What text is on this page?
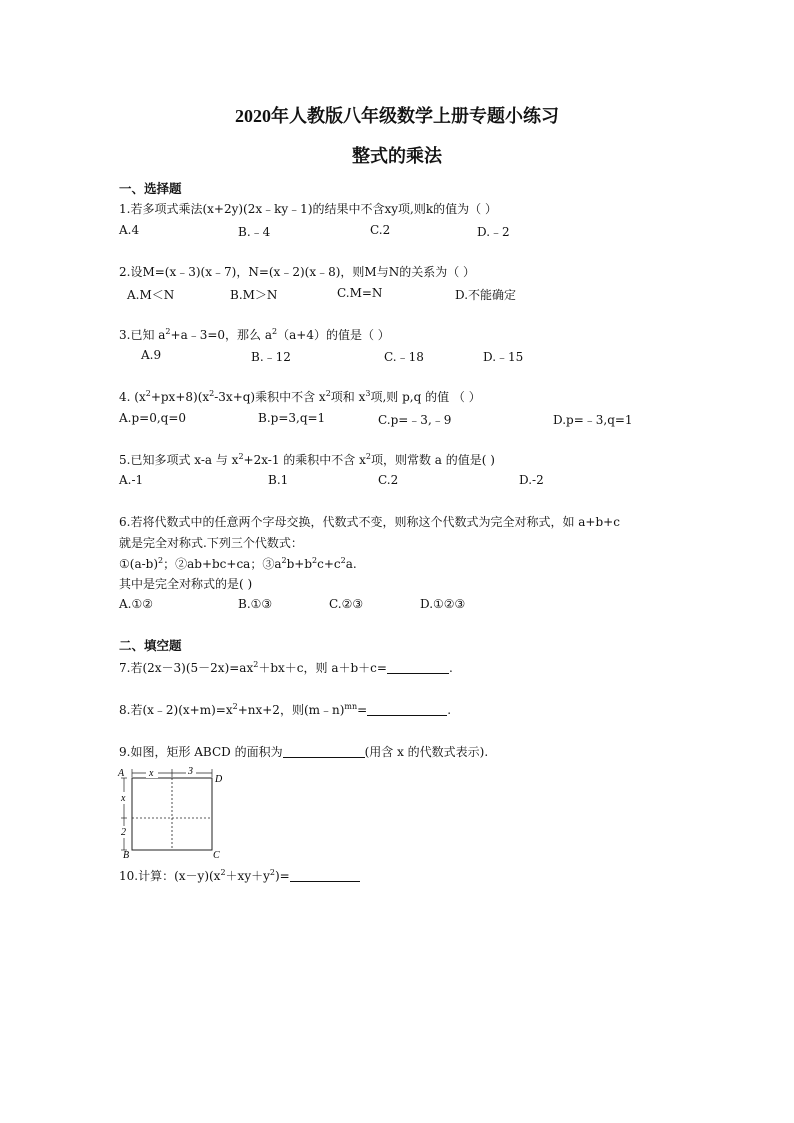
2020年人教版八年级数学上册专题小练习
整式的乘法
一、选择题
1.若多项式乘法(x+2y)(2x﹣ky﹣1)的结果中不含xy项,则k的值为（ ）
A.4	B.﹣4	C.2	D.﹣2
2.设M=(x﹣3)(x﹣7)，N=(x﹣2)(x﹣8)，则M与N的关系为（ ）
A.M＜N	B.M＞N	C.M=N	D.不能确定
3.已知 $a^2+a﹣3=0$，那么 $a^2(a+4)$的值是（ ）
A.9	B.﹣12	C.﹣18	D.﹣15
4. $(x^2+px+8)(x^2-3x+q)$乘积中不含 $x^2$项和 $x^3$项,则 p,q 的值 （ ）
A.p=0,q=0	B.p=3,q=1	C.p=﹣3,﹣9	D.p=﹣3,q=1
5.已知多项式 x-a 与 $x^2+2x-1$ 的乘积中不含 $x^2$项，则常数 a 的值是( )
A.-1	B.1	C.2	D.-2
6.若将代数式中的任意两个字母交换，代数式不变，则称这个代数式为完全对称式，如 a+b+c
就是完全对称式.下列三个代数式：
$①(a-b)^2$；②ab+bc+ca；$③a^2b+b^2c+c^2a$.
其中是完全对称式的是( )
A.①②	B.①③	C.②③	D.①②③
二、填空题
7.若$(2x-3)(5-2x)=ax^2+bx+c$，则 a＋b＋c=	.
8.若$(x﹣2)(x+m)=x^2+nx+2$，则(m﹣n)$^{mn}$=	.
9.如图，矩形 ABCD 的面积为	(用含 x 的代数式表示).
x	3
x
2
A
D
B	C
10.计算：$(x-y)(x^2+xy+y^2)=$
